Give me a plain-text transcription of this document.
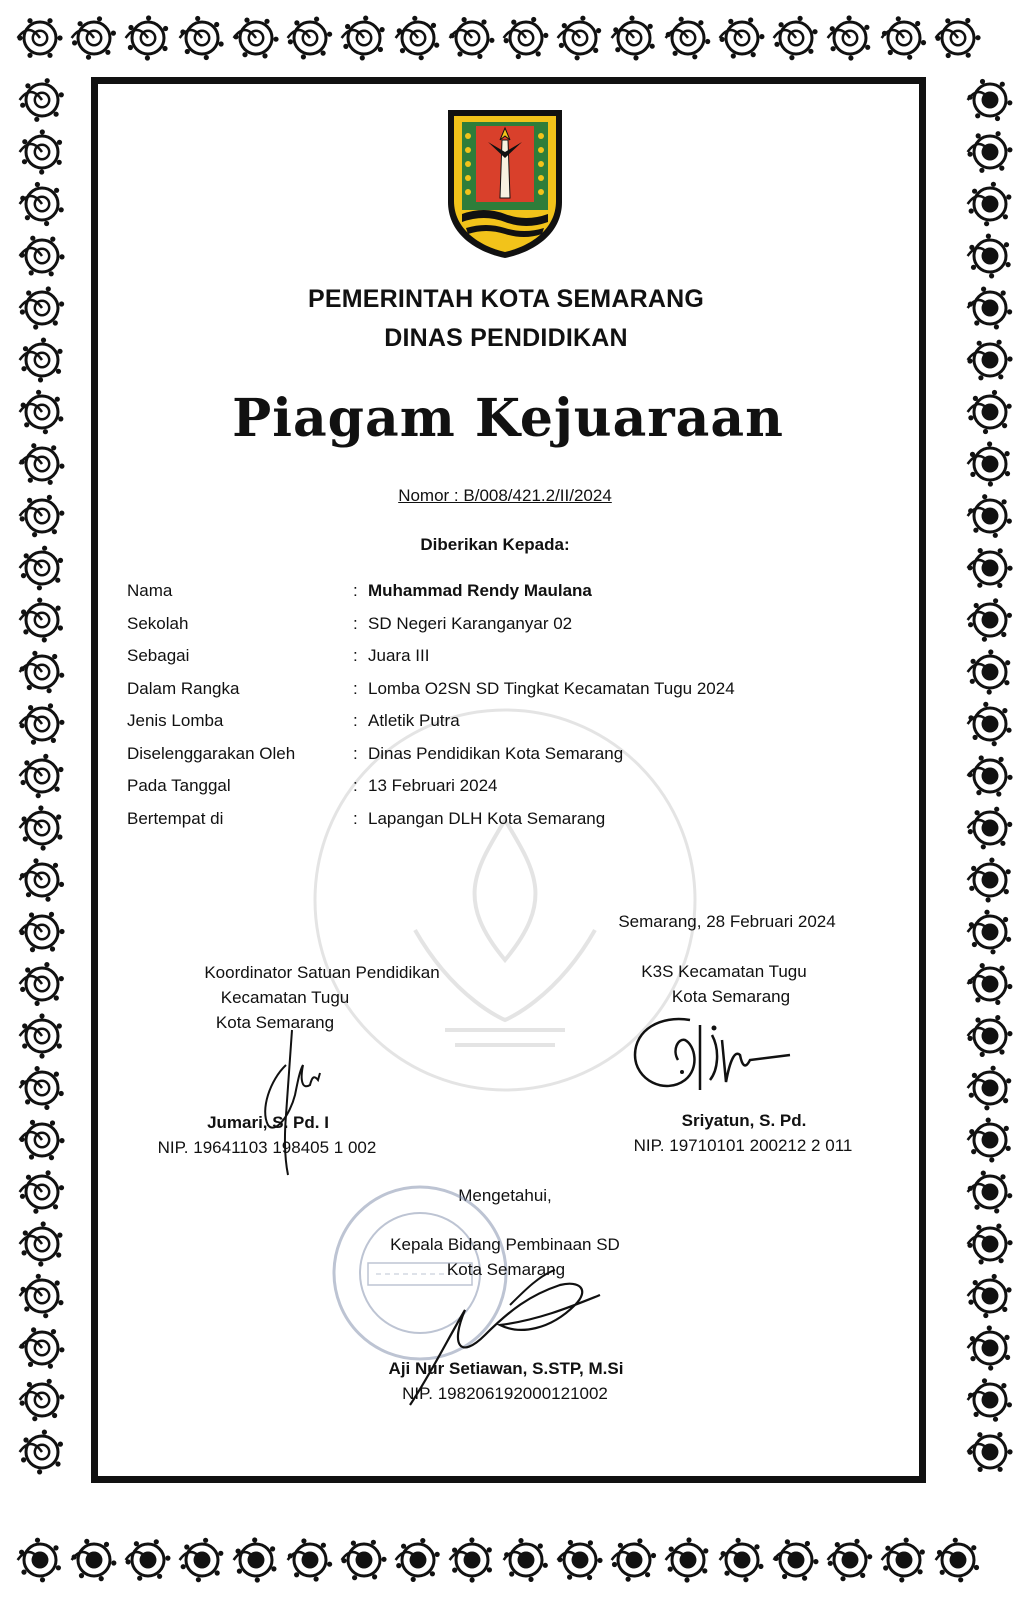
PEMERINTAH KOTA SEMARANG
DINAS PENDIDIKAN
Piagam Kejuaraan
Nomor : B/008/421.2/II/2024
Diberikan Kepada:
Nama	: Muhammad Rendy Maulana
Sekolah	: SD Negeri Karanganyar 02
Sebagai	: Juara III
Dalam Rangka	: Lomba O2SN SD Tingkat Kecamatan Tugu 2024
Jenis Lomba	: Atletik Putra
Diselenggarakan Oleh	: Dinas Pendidikan Kota Semarang
Pada Tanggal	: 13 Februari 2024
Bertempat di	: Lapangan DLH Kota Semarang
Semarang, 28 Februari 2024
Koordinator Satuan Pendidikan
Kecamatan Tugu
Kota Semarang
K3S Kecamatan Tugu
Kota Semarang
Jumari, S. Pd. I
NIP. 19641103 198405 1 002
Sriyatun, S. Pd.
NIP. 19710101 200212 2 011
Mengetahui,
Kepala Bidang Pembinaan SD
Kota Semarang
Aji Nur Setiawan, S.STP, M.Si
NIP. 198206192000121002
